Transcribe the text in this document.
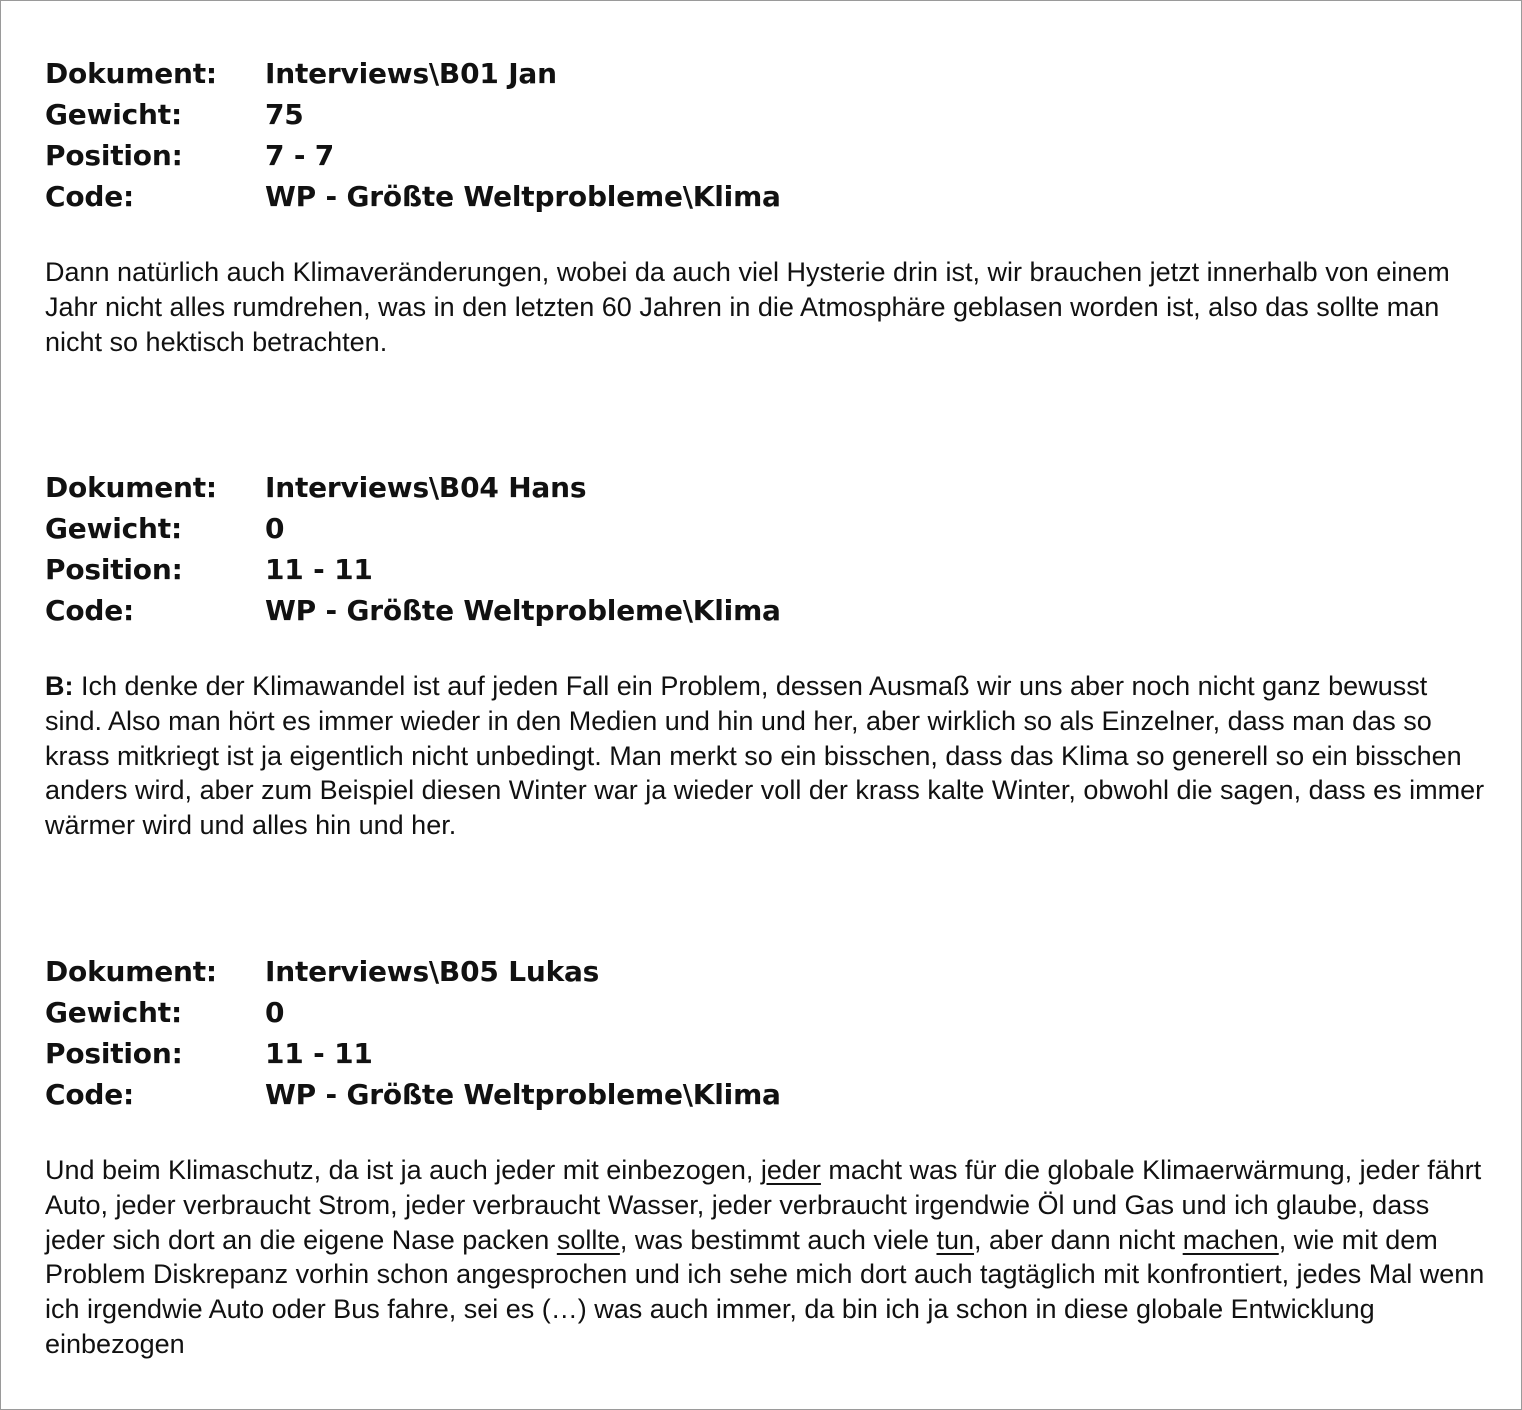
Dokument:	Interviews\B01 Jan
Gewicht:	75
Position:	7 - 7
Code:	WP - Größte Weltprobleme\Klima
Dann natürlich auch Klimaveränderungen, wobei da auch viel Hysterie drin ist, wir brauchen jetzt innerhalb von einem Jahr nicht alles rumdrehen, was in den letzten 60 Jahren in die Atmosphäre geblasen worden ist, also das sollte man nicht so hektisch betrachten.
Dokument:	Interviews\B04 Hans
Gewicht:	0
Position:	11 - 11
Code:	WP - Größte Weltprobleme\Klima
B: Ich denke der Klimawandel ist auf jeden Fall ein Problem, dessen Ausmaß wir uns aber noch nicht ganz bewusst sind. Also man hört es immer wieder in den Medien und hin und her, aber wirklich so als Einzelner, dass man das so krass mitkriegt ist ja eigentlich nicht unbedingt. Man merkt so ein bisschen, dass das Klima so generell so ein bisschen anders wird, aber zum Beispiel diesen Winter war ja wieder voll der krass kalte Winter, obwohl die sagen, dass es immer wärmer wird und alles hin und her.
Dokument:	Interviews\B05 Lukas
Gewicht:	0
Position:	11 - 11
Code:	WP - Größte Weltprobleme\Klima
Und beim Klimaschutz, da ist ja auch jeder mit einbezogen, jeder macht was für die globale Klimaerwärmung, jeder fährt Auto, jeder verbraucht Strom, jeder verbraucht Wasser, jeder verbraucht irgendwie Öl und Gas und ich glaube, dass jeder sich dort an die eigene Nase packen sollte, was bestimmt auch viele tun, aber dann nicht machen, wie mit dem Problem Diskrepanz vorhin schon angesprochen und ich sehe mich dort auch tagtäglich mit konfrontiert, jedes Mal wenn ich irgendwie Auto oder Bus fahre, sei es (…) was auch immer, da bin ich ja schon in diese globale Entwicklung einbezogen
